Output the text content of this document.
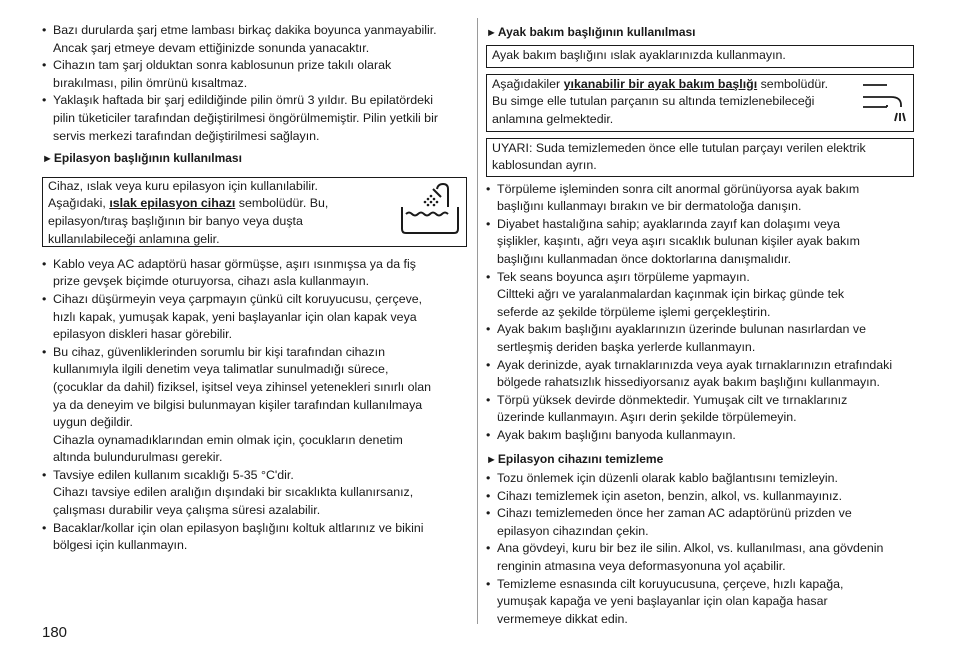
• Bazı durularda şarj etme lambası birkaç dakika boyunca yanmayabilir.
Ancak şarj etmeye devam ettiğinizde sonunda yanacaktır.
• Cihazın tam şarj olduktan sonra kablosunun prize takılı olarak
bırakılması, pilin ömrünü kısaltmaz.
• Yaklaşık haftada bir şarj edildiğinde pilin ömrü 3 yıldır. Bu epilatördeki
pilin tüketiciler tarafından değiştirilmesi öngörülmemiştir. Pilin yetkili bir
servis merkezi tarafından değiştirilmesi sağlayın.
►Epilasyon başlığının kullanılması
Cihaz, ıslak veya kuru epilasyon için kullanılabilir.
Aşağıdaki, ıslak epilasyon cihazı sembolüdür. Bu,
epilasyon/tıraş başlığının bir banyo veya duşta
kullanılabileceği anlamına gelir.
• Kablo veya AC adaptörü hasar görmüşse, aşırı ısınmışsa ya da fiş
prize gevşek biçimde oturuyorsa, cihazı asla kullanmayın.
• Cihazı düşürmeyin veya çarpmayın çünkü cilt koruyucusu, çerçeve,
hızlı kapak, yumuşak kapak, yeni başlayanlar için olan kapak veya
epilasyon diskleri hasar görebilir.
• Bu cihaz, güvenliklerinden sorumlu bir kişi tarafından cihazın
kullanımıyla ilgili denetim veya talimatlar sunulmadığı sürece,
(çocuklar da dahil) fiziksel, işitsel veya zihinsel yetenekleri sınırlı olan
ya da deneyim ve bilgisi bulunmayan kişiler tarafından kullanılmaya
uygun değildir.
Cihazla oynamadıklarından emin olmak için, çocukların denetim
altında bulundurulması gerekir.
• Tavsiye edilen kullanım sıcaklığı 5-35 °C'dir.
Cihazı tavsiye edilen aralığın dışındaki bir sıcaklıkta kullanırsanız,
çalışması durabilir veya çalışma süresi azalabilir.
• Bacaklar/kollar için olan epilasyon başlığını koltuk altlarınız ve bikini
bölgesi için kullanmayın.
►Ayak bakım başlığının kullanılması
Ayak bakım başlığını ıslak ayaklarınızda kullanmayın.
Aşağıdakiler yıkanabilir bir ayak bakım başlığı sembolüdür.
Bu simge elle tutulan parçanın su altında temizlenebileceği
anlamına gelmektedir.
UYARI: Suda temizlemeden önce elle tutulan parçayı verilen elektrik
kablosundan ayrın.
• Törpüleme işleminden sonra cilt anormal görünüyorsa ayak bakım
başlığını kullanmayı bırakın ve bir dermatoloğa danışın.
• Diyabet hastalığına sahip; ayaklarında zayıf kan dolaşımı veya
şişlikler, kaşıntı, ağrı veya aşırı sıcaklık bulunan kişiler ayak bakım
başlığını kullanmadan önce doktorlarına danışmalıdır.
• Tek seans boyunca aşırı törpüleme yapmayın.
Ciltteki ağrı ve yaralanmalardan kaçınmak için birkaç günde tek
seferde az şekilde törpüleme işlemi gerçekleştirin.
• Ayak bakım başlığını ayaklarınızın üzerinde bulunan nasırlardan ve
sertleşmiş deriden başka yerlerde kullanmayın.
• Ayak derinizde, ayak tırnaklarınızda veya ayak tırnaklarınızın etrafındaki
bölgede rahatsızlık hissediyorsanız ayak bakım başlığını kullanmayın.
• Törpü yüksek devirde dönmektedir. Yumuşak cilt ve tırnaklarınız
üzerinde kullanmayın. Aşırı derin şekilde törpülemeyin.
• Ayak bakım başlığını banyoda kullanmayın.
►Epilasyon cihazını temizleme
• Tozu önlemek için düzenli olarak kablo bağlantısını temizleyin.
• Cihazı temizlemek için aseton, benzin, alkol, vs. kullanmayınız.
• Cihazı temizlemeden önce her zaman AC adaptörünü prizden ve
epilasyon cihazından çekin.
• Ana gövdeyi, kuru bir bez ile silin. Alkol, vs. kullanılması, ana gövdenin
renginin atmasına veya deformasyonuna yol açabilir.
• Temizleme esnasında cilt koruyucusuna, çerçeve, hızlı kapağa,
yumuşak kapağa ve yeni başlayanlar için olan kapağa hasar
vermemeye dikkat edin.
180
